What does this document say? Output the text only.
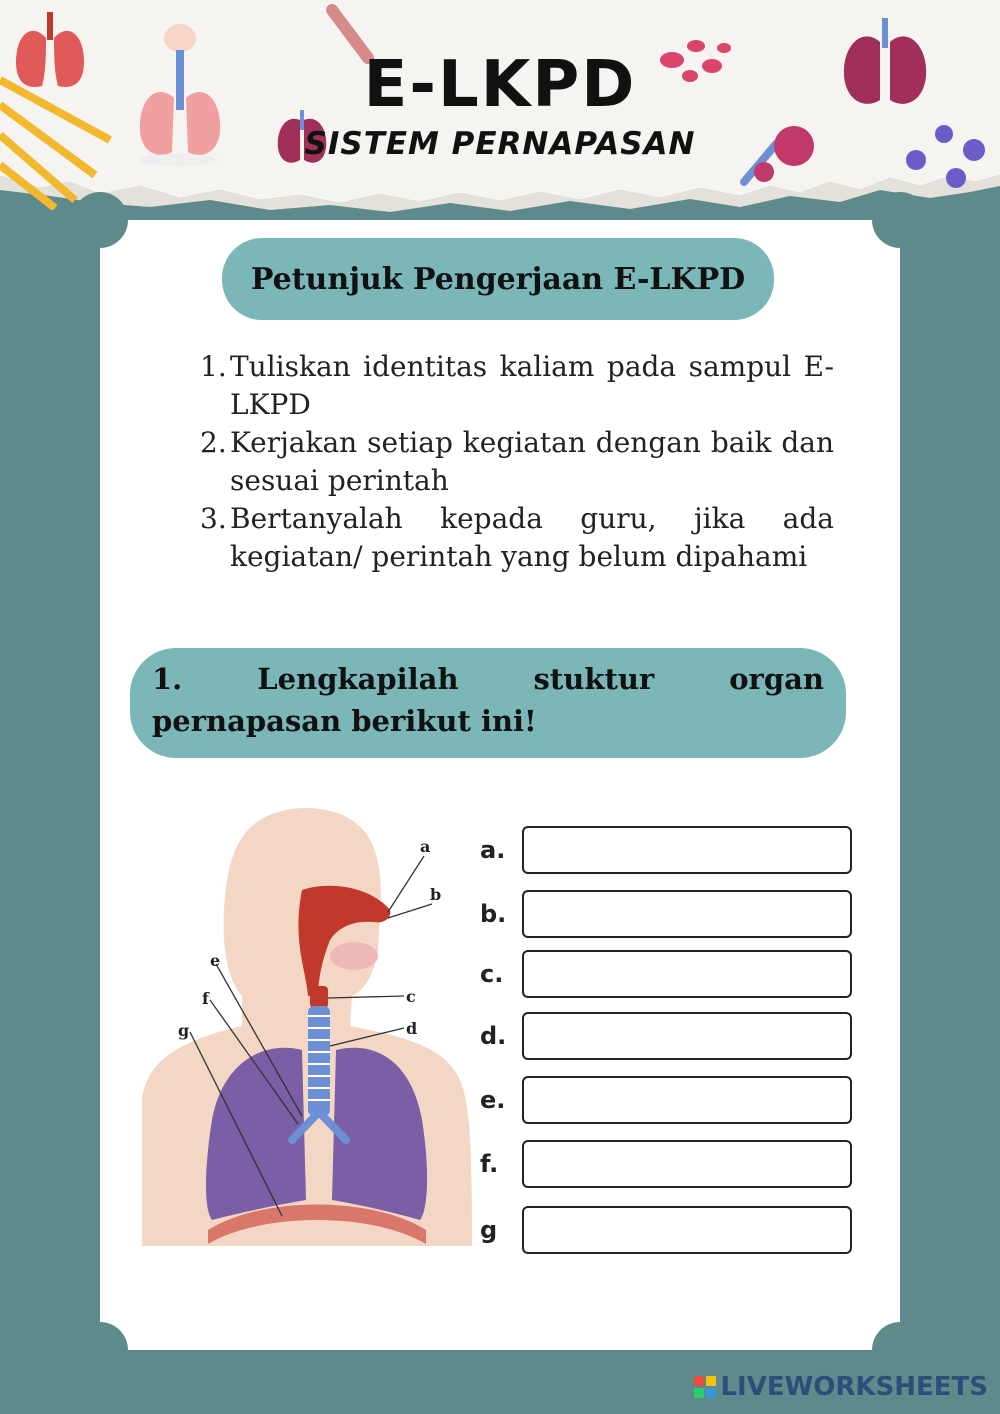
E-LKPD
SISTEM PERNAPASAN
Petunjuk Pengerjaan E-LKPD
1. Tuliskan identitas kaliam pada sampul E-LKPD
2. Kerjakan setiap kegiatan dengan baik dan sesuai perintah
3. Bertanyalah kepada guru, jika ada kegiatan/ perintah yang belum dipahami
1. Lengkapilah stuktur organ
pernapasan berikut ini!
a
b
c
d
e
f
g
a.
b.
c.
d.
e.
f.
g
LIVEWORKSHEETS
